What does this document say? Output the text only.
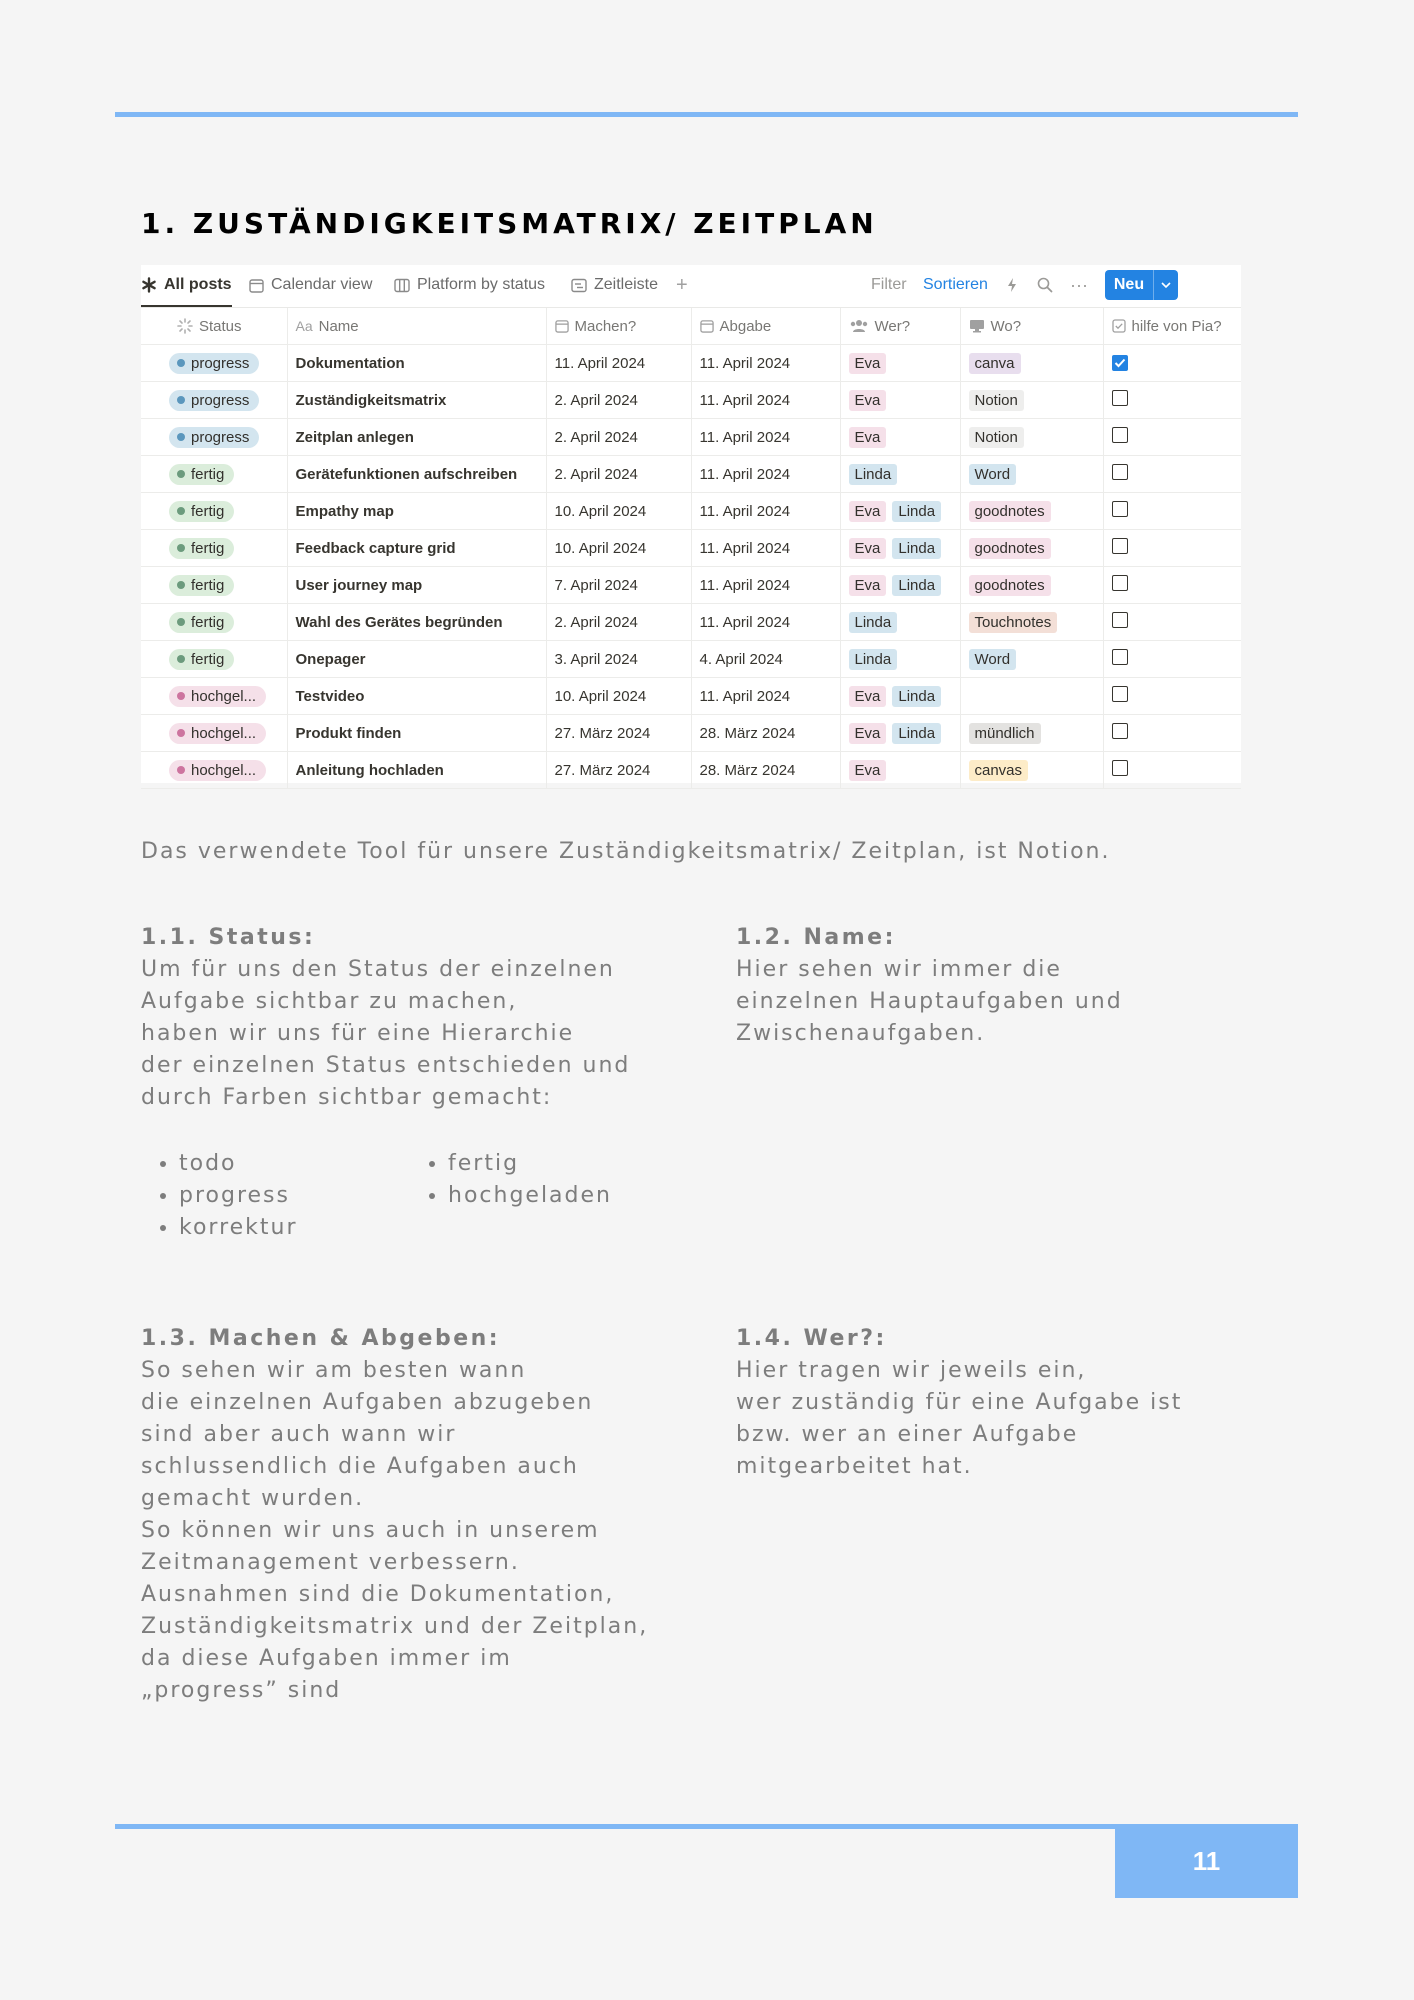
1. ZUSTÄNDIGKEITSMATRIX/ ZEITPLAN
All posts Calendar view	Platform by status	Zeitleiste +	Filter Sortieren	···	Neu
Status	Aa Name	Machen?	Abgabe	Wer?	Wo?	hilfe von Pia?

progress	Dokumentation	11. April 2024	11. April 2024	Eva	canva	

progress	Zuständigkeitsmatrix	2. April 2024	11. April 2024	Eva	Notion	

progress	Zeitplan anlegen	2. April 2024	11. April 2024	Eva	Notion	

fertig	Gerätefunktionen aufschreiben	2. April 2024	11. April 2024	Linda	Word	

fertig	Empathy map	10. April 2024	11. April 2024	Eva Linda	goodnotes	

fertig	Feedback capture grid	10. April 2024	11. April 2024	Eva Linda	goodnotes	

fertig	User journey map	7. April 2024	11. April 2024	Eva Linda	goodnotes	

fertig	Wahl des Gerätes begründen	2. April 2024	11. April 2024	Linda	Touchnotes	

fertig	Onepager	3. April 2024	4. April 2024	Linda	Word	

hochgel...	Testvideo	10. April 2024	11. April 2024	Eva Linda		

hochgel...	Produkt finden	27. März 2024	28. März 2024	Eva Linda	mündlich	

hochgel...	Anleitung hochladen	27. März 2024	28. März 2024	Eva	canvas	

Das verwendete Tool für unsere Zuständigkeitsmatrix/ Zeitplan, ist Notion.

1.1. Status:

Um für uns den Status der einzelnen

Aufgabe sichtbar zu machen,

haben wir uns für eine Hierarchie

der einzelnen Status entschieden und

durch Farben sichtbar gemacht:

• todo
• progress
• korrektur
• fertig
• hochgeladen
1.2. Name:

Hier sehen wir immer die

einzelnen Hauptaufgaben und

Zwischenaufgaben.

1.3. Machen & Abgeben:

So sehen wir am besten wann

die einzelnen Aufgaben abzugeben

sind aber auch wann wir

schlussendlich die Aufgaben auch

gemacht wurden.

So können wir uns auch in unserem

Zeitmanagement verbessern.

Ausnahmen sind die Dokumentation,

Zuständigkeitsmatrix und der Zeitplan,

da diese Aufgaben immer im

„progress” sind

1.4. Wer?:

Hier tragen wir jeweils ein,

wer zuständig für eine Aufgabe ist

bzw. wer an einer Aufgabe

mitgearbeitet hat.

11
